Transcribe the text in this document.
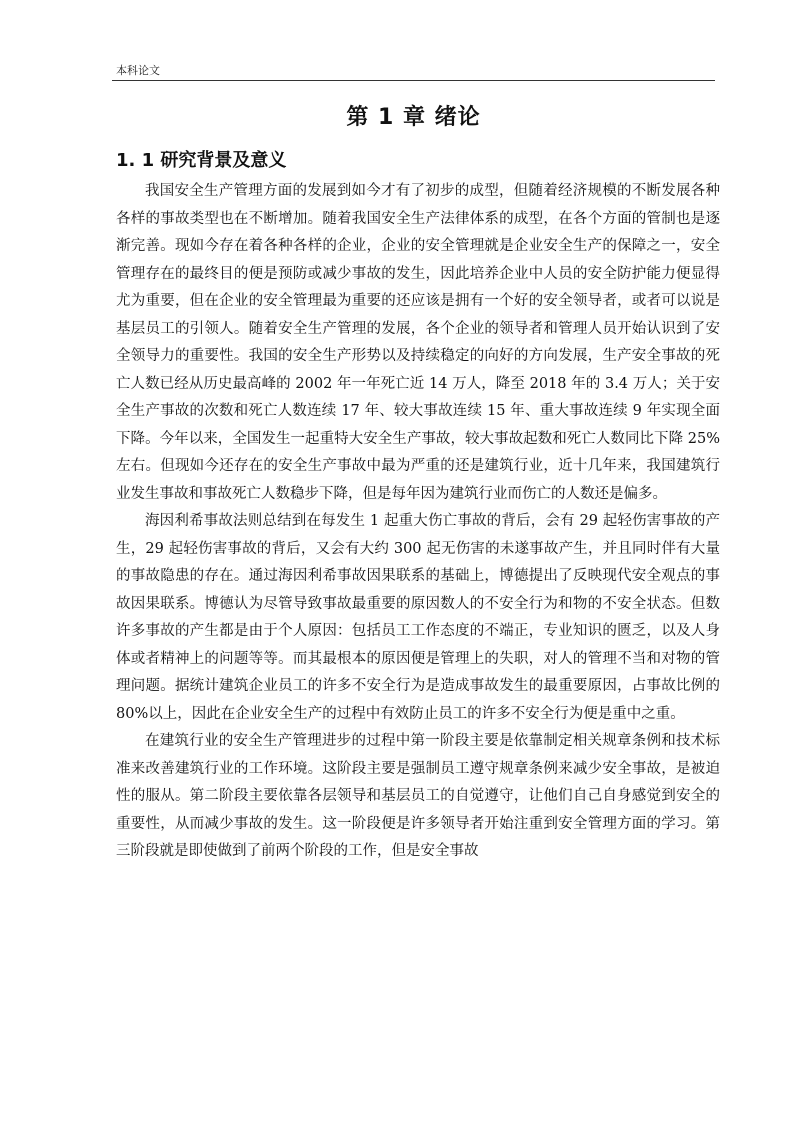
本科论文
第 1 章 绪论
1. 1 研究背景及意义

我国安全生产管理方面的发展到如今才有了初步的成型，但随着经济规模的不断发展各种各样的事故类型也在不断增加。随着我国安全生产法律体系的成型，在各个方面的管制也是逐渐完善。现如今存在着各种各样的企业，企业的安全管理就是企业安全生产的保障之一，安全管理存在的最终目的便是预防或减少事故的发生，因此培养企业中人员的安全防护能力便显得尤为重要，但在企业的安全管理最为重要的还应该是拥有一个好的安全领导者，或者可以说是基层员工的引领人。随着安全生产管理的发展，各个企业的领导者和管理人员开始认识到了安全领导力的重要性。我国的安全生产形势以及持续稳定的向好的方向发展，生产安全事故的死亡人数已经从历史最高峰的 2002 年一年死亡近 14 万人，降至 2018 年的 3.4 万人；关于安全生产事故的次数和死亡人数连续 17 年、较大事故连续 15 年、重大事故连续 9 年实现全面下降。今年以来，全国发生一起重特大安全生产事故，较大事故起数和死亡人数同比下降 25%左右。但现如今还存在的安全生产事故中最为严重的还是建筑行业，近十几年来，我国建筑行业发生事故和事故死亡人数稳步下降，但是每年因为建筑行业而伤亡的人数还是偏多。

海因利希事故法则总结到在每发生 1 起重大伤亡事故的背后，会有 29 起轻伤害事故的产生，29 起轻伤害事故的背后，又会有大约 300 起无伤害的未遂事故产生，并且同时伴有大量的事故隐患的存在。通过海因利希事故因果联系的基础上，博德提出了反映现代安全观点的事故因果联系。博德认为尽管导致事故最重要的原因数人的不安全行为和物的不安全状态。但数许多事故的产生都是由于个人原因：包括员工工作态度的不端正，专业知识的匮乏，以及人身体或者精神上的问题等等。而其最根本的原因便是管理上的失职，对人的管理不当和对物的管理问题。据统计建筑企业员工的许多不安全行为是造成事故发生的最重要原因，占事故比例的 80%以上，因此在企业安全生产的过程中有效防止员工的许多不安全行为便是重中之重。

在建筑行业的安全生产管理进步的过程中第一阶段主要是依靠制定相关规章条例和技术标准来改善建筑行业的工作环境。这阶段主要是强制员工遵守规章条例来减少安全事故，是被迫性的服从。第二阶段主要依靠各层领导和基层员工的自觉遵守，让他们自己自身感觉到安全的重要性，从而减少事故的发生。这一阶段便是许多领导者开始注重到安全管理方面的学习。第三阶段就是即使做到了前两个阶段的工作，但是安全事故
